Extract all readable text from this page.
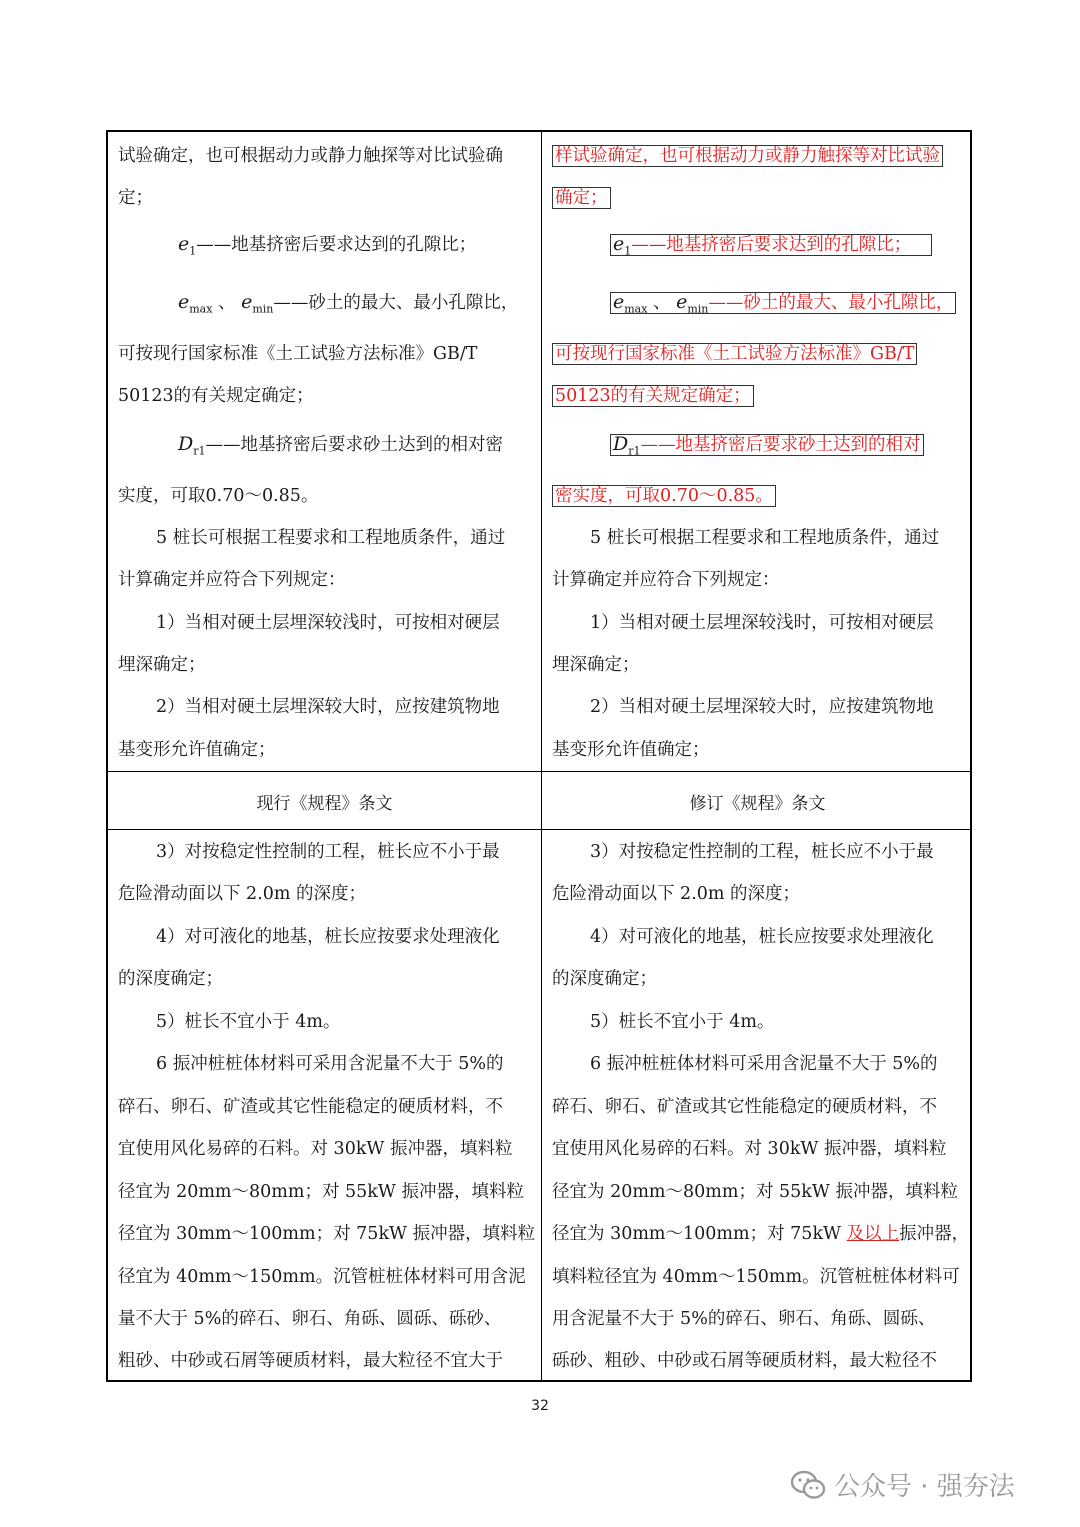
试验确定，也可根据动力或静力触探等对比试验确
定；
$e_1——$地基挤密后要求达到的孔隙比；
$e_{max}$ 、 $e_{min}——$砂土的最大、最小孔隙比，
可按现行国家标准《土工试验方法标准》GB/T
50123的有关规定确定；
$D_{r1}——$地基挤密后要求砂土达到的相对密
实度，可取0.70～0.85。
5 桩长可根据工程要求和工程地质条件，通过
计算确定并应符合下列规定：
1）当相对硬土层埋深较浅时，可按相对硬层
埋深确定；
2）当相对硬土层埋深较大时，应按建筑物地
基变形允许值确定；
样试验确定，也可根据动力或静力触探等对比试验
确定；
$e_1——$地基挤密后要求达到的孔隙比；
$e_{max}$ 、 $e_{min}——$砂土的最大、最小孔隙比，
可按现行国家标准《土工试验方法标准》GB/T
50123的有关规定确定；
$D_{r1}——$地基挤密后要求砂土达到的相对
密实度，可取0.70～0.85。
5 桩长可根据工程要求和工程地质条件，通过
计算确定并应符合下列规定：
1）当相对硬土层埋深较浅时，可按相对硬层
埋深确定；
2）当相对硬土层埋深较大时，应按建筑物地
基变形允许值确定；
现行《规程》条文	修订《规程》条文
3）对按稳定性控制的工程，桩长应不小于最
危险滑动面以下 2.0m 的深度；
4）对可液化的地基，桩长应按要求处理液化
的深度确定；
5）桩长不宜小于 4m。
6 振冲桩桩体材料可采用含泥量不大于 5%的
碎石、卵石、矿渣或其它性能稳定的硬质材料，不
宜使用风化易碎的石料。对 30kW 振冲器，填料粒
径宜为 20mm～80mm；对 55kW 振冲器，填料粒
径宜为 30mm～100mm；对 75kW 振冲器，填料粒
径宜为 40mm～150mm。沉管桩桩体材料可用含泥
量不大于 5%的碎石、卵石、角砾、圆砾、砾砂、
粗砂、中砂或石屑等硬质材料，最大粒径不宜大于
3）对按稳定性控制的工程，桩长应不小于最
危险滑动面以下 2.0m 的深度；
4）对可液化的地基，桩长应按要求处理液化
的深度确定；
5）桩长不宜小于 4m。
6 振冲桩桩体材料可采用含泥量不大于 5%的
碎石、卵石、矿渣或其它性能稳定的硬质材料，不
宜使用风化易碎的石料。对 30kW 振冲器，填料粒
径宜为 20mm～80mm；对 55kW 振冲器，填料粒
径宜为 30mm～100mm；对 75kW 及以上振冲器，
填料粒径宜为 40mm～150mm。沉管桩桩体材料可
用含泥量不大于 5%的碎石、卵石、角砾、圆砾、
砾砂、粗砂、中砂或石屑等硬质材料，最大粒径不
32
公众号 · 强夯法
